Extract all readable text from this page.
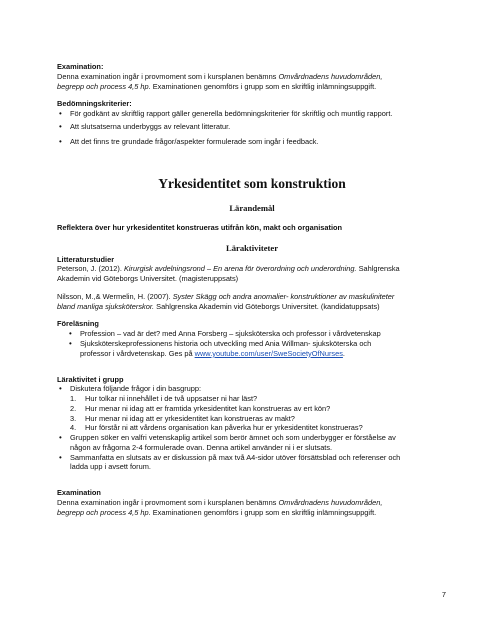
Examination:

Denna examination ingår i provmoment som i kursplanen benämns Omvårdnadens huvudområden,

begrepp och process 4,5 hp. Examinationen genomförs i grupp som en skriftlig inlämningsuppgift.

Bedömningskriterier:

• För godkänt av skriftlig rapport gäller generella bedömningskriterier för skriftlig och muntlig rapport.

• Att slutsatserna underbyggs av relevant litteratur.

• Att det finns tre grundade frågor/aspekter formulerade som ingår i feedback.

Yrkesidentitet som konstruktion

Lärandemål

Reflektera över hur yrkesidentitet konstrueras utifrån kön, makt och organisation

Läraktiviteter

Litteraturstudier

Peterson, J. (2012). Kirurgisk avdelningsrond – En arena för överordning och underordning. Sahlgrenska

Akademin vid Göteborgs Universitet. (magisteruppsats)

Nilsson, M.,& Wermelin, H. (2007). Syster Skägg och andra anomalier- konstruktioner av maskuliniteter

bland manliga sjuksköterskor. Sahlgrenska Akademin vid Göteborgs Universitet. (kandidatuppsats)

Föreläsning

• Profession – vad är det? med Anna Forsberg – sjuksköterska och professor i vårdvetenskap

• Sjuksköterskeprofessionens historia och utveckling med Ania Willman- sjuksköterska och

professor i vårdvetenskap. Ges på www.youtube.com/user/SweSocietyOfNurses.

Läraktivitet i grupp

• Diskutera följande frågor i din basgrupp:

1. Hur tolkar ni innehållet i de två uppsatser ni har läst?

2. Hur menar ni idag att er framtida yrkesidentitet kan konstrueras av ert kön?

3. Hur menar ni idag att er yrkesidentitet kan konstrueras av makt?

4. Hur förstår ni att vårdens organisation kan påverka hur er yrkesidentitet konstrueras?

• Gruppen söker en valfri vetenskaplig artikel som berör ämnet och som underbygger er förståelse av

någon av frågorna 2-4 formulerade ovan. Denna artikel använder ni i er slutsats.

• Sammanfatta en slutsats av er diskussion på max två A4-sidor utöver försättsblad och referenser och

ladda upp i avsett forum.

Examination

Denna examination ingår i provmoment som i kursplanen benämns Omvårdnadens huvudområden,

begrepp och process 4,5 hp. Examinationen genomförs i grupp som en skriftlig inlämningsuppgift.

7
